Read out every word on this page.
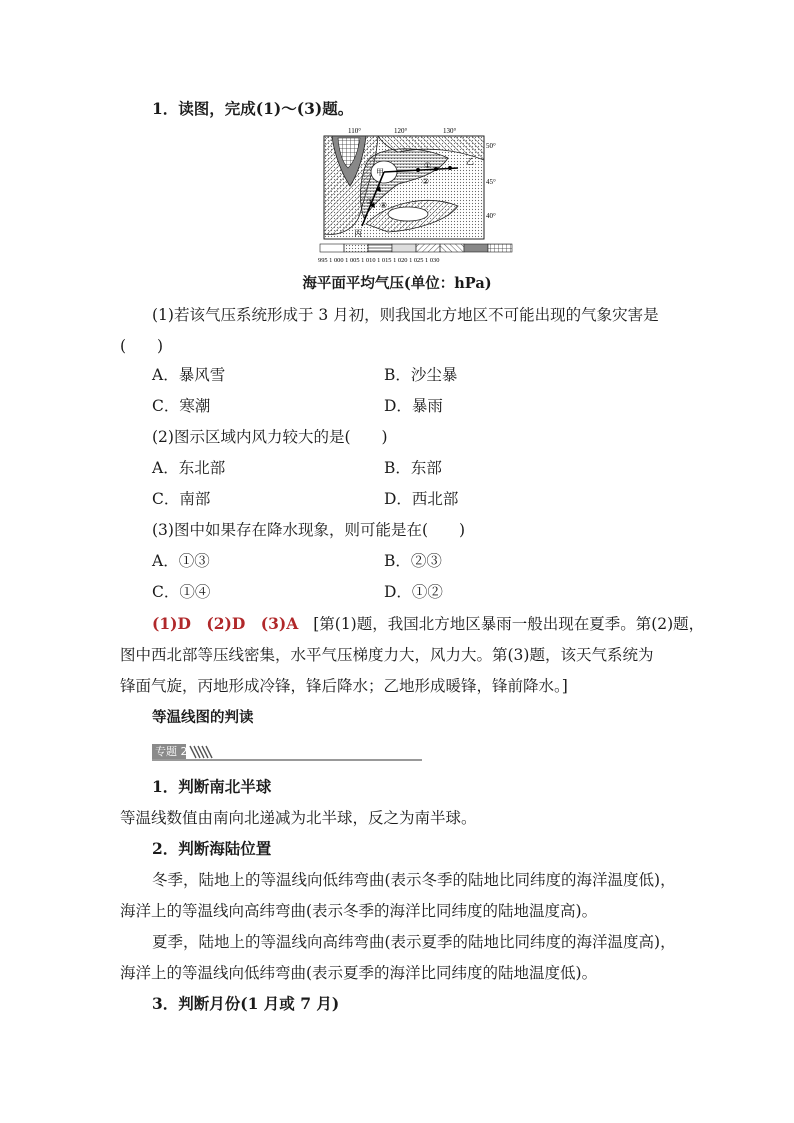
1．读图，完成(1)～(3)题。
110°	120°	130°
甲
乙
丙
①
②
③ ④
50°
45°
40°
995 1 000 1 005 1 010 1 015 1 020 1 025 1 030
海平面平均气压(单位：hPa)
(1)若该气压系统形成于 3 月初，则我国北方地区不可能出现的气象灾害是
(　　)
A．暴风雪	B．沙尘暴
C．寒潮	D．暴雨
(2)图示区域内风力较大的是(　　)
A．东北部	B．东部
C．南部	D．西北部
(3)图中如果存在降水现象，则可能是在(　　)
A．①③	B．②③
C．①④	D．①②
(1)D　(2)D　(3)A [第(1)题，我国北方地区暴雨一般出现在夏季。第(2)题，
图中西北部等压线密集，水平气压梯度力大，风力大。第(3)题，该天气系统为
锋面气旋，丙地形成冷锋，锋后降水；乙地形成暖锋，锋前降水。]
等温线图的判读
专题 2
1．判断南北半球
等温线数值由南向北递减为北半球，反之为南半球。
2．判断海陆位置
冬季，陆地上的等温线向低纬弯曲(表示冬季的陆地比同纬度的海洋温度低)，
海洋上的等温线向高纬弯曲(表示冬季的海洋比同纬度的陆地温度高)。
夏季，陆地上的等温线向高纬弯曲(表示夏季的陆地比同纬度的海洋温度高)，
海洋上的等温线向低纬弯曲(表示夏季的海洋比同纬度的陆地温度低)。
3．判断月份(1 月或 7 月)
